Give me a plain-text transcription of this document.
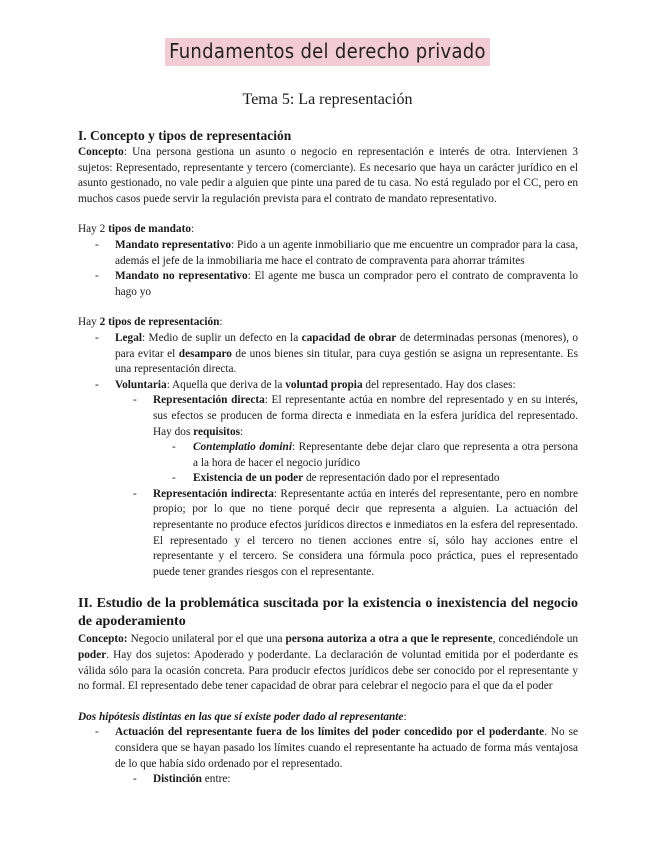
Fundamentos del derecho privado
Tema 5: La representación
I. Concepto y tipos de representación

Concepto: Una persona gestiona un asunto o negocio en representación e interés de otra. Intervienen 3 sujetos: Representado, representante y tercero (comerciante). Es necesario que haya un carácter jurídico en el asunto gestionado, no vale pedir a alguien que pinte una pared de tu casa. No está regulado por el CC, pero en muchos casos puede servir la regulación prevista para el contrato de mandato representativo.

Hay 2 tipos de mandato:

- Mandato representativo: Pido a un agente inmobiliario que me encuentre un comprador para la casa, además el jefe de la inmobiliaria me hace el contrato de compraventa para ahorrar trámites
- Mandato no representativo: El agente me busca un comprador pero el contrato de compraventa lo hago yo

Hay 2 tipos de representación:

- Legal: Medio de suplir un defecto en la capacidad de obrar de determinadas personas (menores), o para evitar el desamparo de unos bienes sin titular, para cuya gestión se asigna un representante. Es una representación directa.
- Voluntaria: Aquella que deriva de la voluntad propia del representado. Hay dos clases:
- Representación directa: El representante actúa en nombre del representado y en su interés, sus efectos se producen de forma directa e inmediata en la esfera jurídica del representado. Hay dos requisitos:
- Contemplatio domini: Representante debe dejar claro que representa a otra persona a la hora de hacer el negocio jurídico
- Existencia de un poder de representación dado por el representado
- Representación indirecta: Representante actúa en interés del representante, pero en nombre propio; por lo que no tiene porqué decir que representa a alguien. La actuación del representante no produce efectos jurídicos directos e inmediatos en la esfera del representado. El representado y el tercero no tienen acciones entre sí, sólo hay acciones entre el representante y el tercero. Se considera una fórmula poco práctica, pues el representado puede tener grandes riesgos con el representante.
II. Estudio de la problemática suscitada por la existencia o inexistencia del negocio de apoderamiento

Concepto: Negocio unilateral por el que una persona autoriza a otra a que le represente, concediéndole un poder. Hay dos sujetos: Apoderado y poderdante. La declaración de voluntad emitida por el poderdante es válida sólo para la ocasión concreta. Para producir efectos jurídicos debe ser conocido por el representante y no formal. El representado debe tener capacidad de obrar para celebrar el negocio para el que da el poder

Dos hipótesis distintas en las que sí existe poder dado al representante:

- Actuación del representante fuera de los límites del poder concedido por el poderdante. No se considera que se hayan pasado los límites cuando el representante ha actuado de forma más ventajosa de lo que había sido ordenado por el representado.
- Distinción entre:
